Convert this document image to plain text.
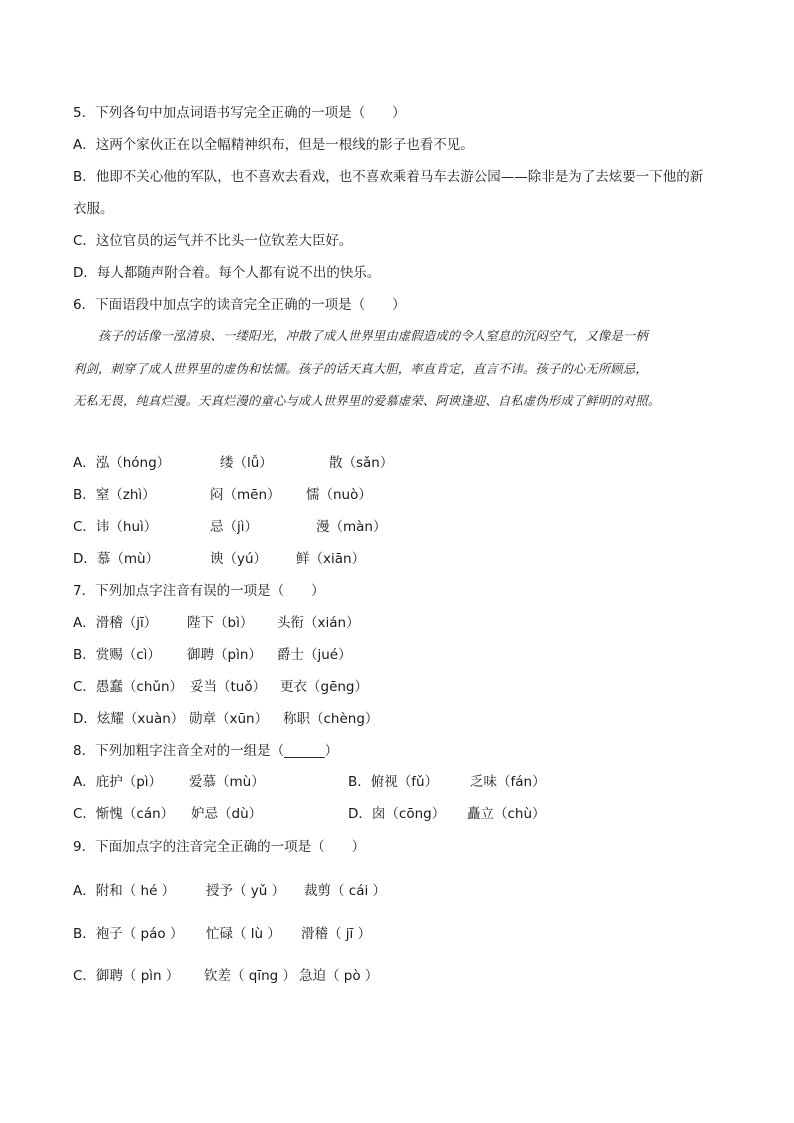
5．下列各句中加点词语书写完全正确的一项是（　　）
A．这两个家伙正在以全幅精神织布，但是一根线的影子也看不见。
B．他即不关心他的军队，也不喜欢去看戏，也不喜欢乘着马车去游公园——除非是为了去炫要一下他的新
衣服。
C．这位官员的运气并不比头一位钦差大臣好。
D．每人都随声附合着。每个人都有说不出的快乐。
6．下面语段中加点字的读音完全正确的一项是（　　）
孩子的话像一泓清泉、一缕阳光，冲散了成人世界里由虚假造成的令人窒息的沉闷空气，又像是一柄
利剑，刺穿了成人世界里的虚伪和怯懦。孩子的话天真大胆，率直肯定，直言不讳。孩子的心无所顾忌，
无私无畏，纯真烂漫。天真烂漫的童心与成人世界里的爱慕虚荣、阿谀逢迎、自私虚伪形成了鲜明的对照。
A．泓（hóng）	缕（lǚ）	散（sǎn）
B．窒（zhì）	闷（mēn） 懦（nuò）
C．讳（huì）	忌（jì）	漫（màn）
D．慕（mù）	谀（yú） 鲜（xiān）
7．下列加点字注音有误的一项是（　　）
A．滑稽（jī） 陛下（bì） 头衔（xián）
B．赏赐（cì） 御聘（pìn） 爵士（jué）
C．愚蠢（chǔn） 妥当（tuǒ） 更衣（gēng）
D．炫耀（xuàn） 勋章（xūn） 称职（chèng）
8．下列加粗字注音全对的一组是（______）
A．庇护（pì） 爱慕（mù）	B．俯视（fǔ） 乏味（fán）
C．惭愧（cán） 妒忌（dù）	D．囱（cōng） 矗立（chù）
9．下面加点字的注音完全正确的一项是（　　）
A．附和（ hé ） 授予（ yǔ ） 裁剪（ cái ）
B．袍子（ páo ） 忙碌（ lù ） 滑稽（ jī ）
C．御聘（ pìn ） 钦差（ qīng ） 急迫（ pò ）
